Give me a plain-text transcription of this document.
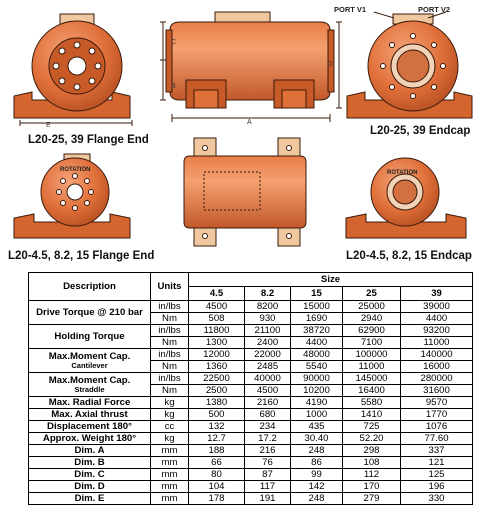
E
C
B
D
A
PORT V1	PORT V2
ROTATION	ROTATION
L20-25, 39 Flange End
L20-25, 39 Endcap
L20-4.5, 8.2, 15 Flange End	L20-4.5, 8.2, 15 Endcap
Description	Units	Size				
		4.5	8.2	15	25	39
Drive Torque @ 210 bar	in/lbs	4500	8200	15000	25000	39000
	Nm	508	930	1690	2940	4400
Holding Torque	in/lbs	11800	21100	38720	62900	93200
	Nm	1300	2400	4400	7100	11000
Max.Moment Cap.
Cantilever	in/lbs	12000	22000	48000	100000	140000
	Nm	1360	2485	5540	11000	16000
Max.Moment Cap.
Straddle	in/lbs	22500	40000	90000	145000	280000
	Nm	2500	4500	10200	16400	31600
Max. Radial Force	kg	1380	2160	4190	5580	9570
Max. Axial thrust	kg	500	680	1000	1410	1770
Displacement 180°	cc	132	234	435	725	1076
Approx. Weight 180°	kg	12.7	17.2	30.40	52.20	77.60
Dim. A	mm	188	216	248	298	337
Dim. B	mm	66	76	86	108	121
Dim. C	mm	80	87	99	112	125
Dim. D	mm	104	117	142	170	196
Dim. E	mm	178	191	248	279	330
